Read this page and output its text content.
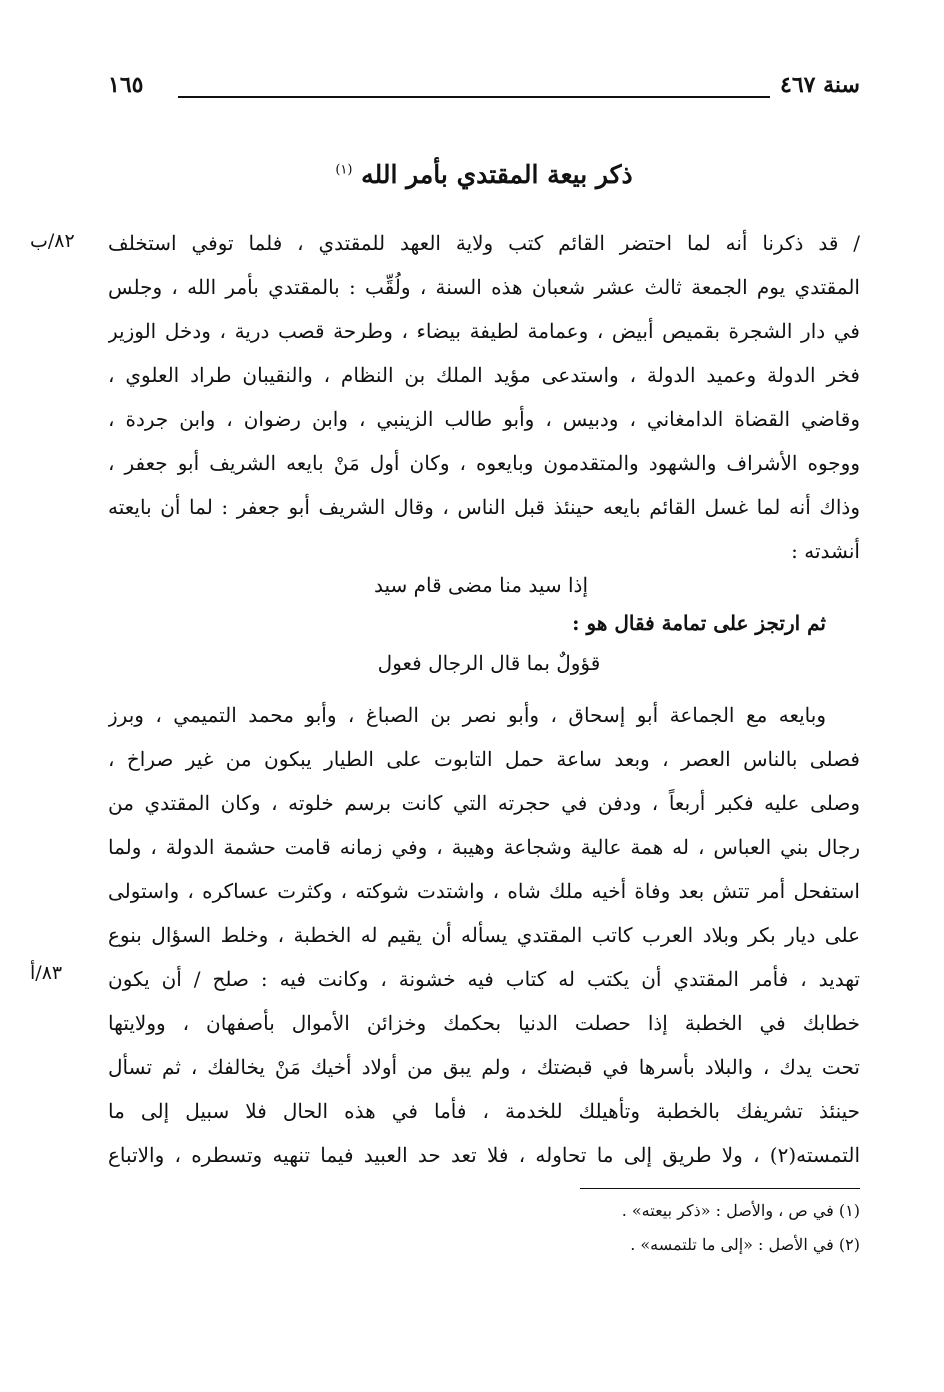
سنة ٤٦٧
١٦٥
ذكر بيعة المقتدي بأمر الله $^{(١)}$
٨٢/ب
٨٣/أ
/ قد ذكرنا أنه لما احتضر القائم كتب ولاية العهد للمقتدي ، فلما توفي استخلف
المقتدي يوم الجمعة ثالث عشر شعبان هذه السنة ، ولُقِّب : بالمقتدي بأمر الله ، وجلس
في دار الشجرة بقميص أبيض ، وعمامة لطيفة بيضاء ، وطرحة قصب درية ، ودخل الوزير
فخر الدولة وعميد الدولة ، واستدعى مؤيد الملك بن النظام ، والنقيبان طراد العلوي ،
وقاضي القضاة الدامغاني ، ودبيس ، وأبو طالب الزينبي ، وابن رضوان ، وابن جردة ،
ووجوه الأشراف والشهود والمتقدمون وبايعوه ، وكان أول مَنْ بايعه الشريف أبو جعفر ،
وذاك أنه لما غسل القائم بايعه حينئذ قبل الناس ، وقال الشريف أبو جعفر : لما أن بايعته
أنشدته :
إذا سيد منا مضى قام سيد
ثم ارتجز على تمامة فقال هو :
قؤولٌ بما قال الرجال فعول
وبايعه مع الجماعة أبو إسحاق ، وأبو نصر بن الصباغ ، وأبو محمد التميمي ، وبرز
فصلى بالناس العصر ، وبعد ساعة حمل التابوت على الطيار يبكون من غير صراخ ،
وصلى عليه فكبر أربعاً ، ودفن في حجرته التي كانت برسم خلوته ، وكان المقتدي من
رجال بني العباس ، له همة عالية وشجاعة وهيبة ، وفي زمانه قامت حشمة الدولة ، ولما
استفحل أمر تتش بعد وفاة أخيه ملك شاه ، واشتدت شوكته ، وكثرت عساكره ، واستولى
على ديار بكر وبلاد العرب كاتب المقتدي يسأله أن يقيم له الخطبة ، وخلط السؤال بنوع
تهديد ، فأمر المقتدي أن يكتب له كتاب فيه خشونة ، وكانت فيه : صلح / أن يكون
خطابك في الخطبة إذا حصلت الدنيا بحكمك وخزائن الأموال بأصفهان ، وولايتها
تحت يدك ، والبلاد بأسرها في قبضتك ، ولم يبق من أولاد أخيك مَنْ يخالفك ، ثم تسأل
حينئذ تشريفك بالخطبة وتأهيلك للخدمة ، فأما في هذه الحال فلا سبيل إلى ما
التمسته(٢) ، ولا طريق إلى ما تحاوله ، فلا تعد حد العبيد فيما تنهيه وتسطره ، والاتباع
(١) في ص ، والأصل : «ذكر بيعته» .
(٢) في الأصل : «إلى ما تلتمسه» .
